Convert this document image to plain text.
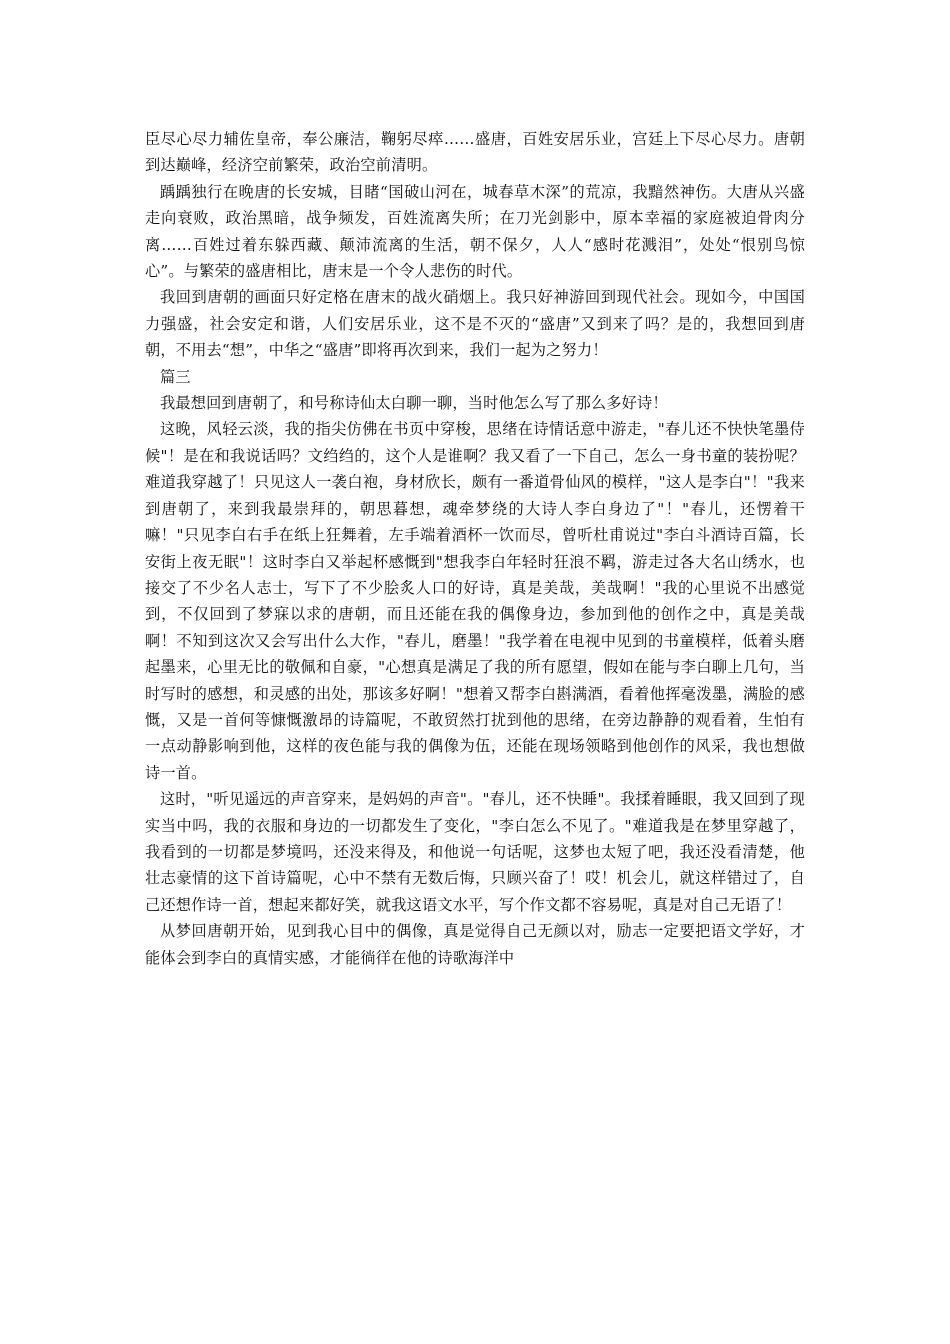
臣尽心尽力辅佐皇帝，奉公廉洁，鞠躬尽瘁……盛唐，百姓安居乐业，宫廷上下尽心尽力。唐朝到达巅峰，经济空前繁荣，政治空前清明。

踽踽独行在晚唐的长安城，目睹“国破山河在，城春草木深”的荒凉，我黯然神伤。大唐从兴盛走向衰败，政治黑暗，战争频发，百姓流离失所；在刀光剑影中，原本幸福的家庭被迫骨肉分离……百姓过着东躲西藏、颠沛流离的生活，朝不保夕，人人“感时花溅泪”，处处“恨别鸟惊心”。与繁荣的盛唐相比，唐末是一个令人悲伤的时代。

我回到唐朝的画面只好定格在唐末的战火硝烟上。我只好神游回到现代社会。现如今，中国国力强盛，社会安定和谐，人们安居乐业，这不是不灭的“盛唐”又到来了吗？是的，我想回到唐朝，不用去“想”，中华之“盛唐”即将再次到来，我们一起为之努力！

篇三

我最想回到唐朝了，和号称诗仙太白聊一聊，当时他怎么写了那么多好诗！

这晚，风轻云淡，我的指尖仿佛在书页中穿梭，思绪在诗情话意中游走，"春儿还不快快笔墨侍候"！是在和我说话吗？文绉绉的，这个人是谁啊？我又看了一下自己，怎么一身书童的装扮呢？难道我穿越了！只见这人一袭白袍，身材欣长，颇有一番道骨仙风的模样，"这人是李白"！"我来到唐朝了，来到我最崇拜的，朝思暮想，魂牵梦绕的大诗人李白身边了"！"春儿，还愣着干嘛！"只见李白右手在纸上狂舞着，左手端着酒杯一饮而尽，曾听杜甫说过"李白斗酒诗百篇，长安街上夜无眠"！这时李白又举起杯感慨到"想我李白年轻时狂浪不羁，游走过各大名山绣水，也接交了不少名人志士，写下了不少脍炙人口的好诗，真是美哉，美哉啊！"我的心里说不出感觉到，不仅回到了梦寐以求的唐朝，而且还能在我的偶像身边，参加到他的创作之中，真是美哉啊！不知到这次又会写出什么大作，"春儿，磨墨！"我学着在电视中见到的书童模样，低着头磨起墨来，心里无比的敬佩和自豪，"心想真是满足了我的所有愿望，假如在能与李白聊上几句，当时写时的感想，和灵感的出处，那该多好啊！"想着又帮李白斟满酒，看着他挥毫泼墨，满脸的感慨，又是一首何等慷慨激昂的诗篇呢，不敢贸然打扰到他的思绪，在旁边静静的观看着，生怕有一点动静影响到他，这样的夜色能与我的偶像为伍，还能在现场领略到他创作的风采，我也想做诗一首。

这时，"听见遥远的声音穿来，是妈妈的声音"。"春儿，还不快睡"。我揉着睡眼，我又回到了现实当中吗，我的衣服和身边的一切都发生了变化，"李白怎么不见了。"难道我是在梦里穿越了，我看到的一切都是梦境吗，还没来得及，和他说一句话呢，这梦也太短了吧，我还没看清楚，他壮志豪情的这下首诗篇呢，心中不禁有无数后悔，只顾兴奋了！哎！机会儿，就这样错过了，自己还想作诗一首，想起来都好笑，就我这语文水平，写个作文都不容易呢，真是对自己无语了！

从梦回唐朝开始，见到我心目中的偶像，真是觉得自己无颜以对，励志一定要把语文学好，才能体会到李白的真情实感，才能徜徉在他的诗歌海洋中
